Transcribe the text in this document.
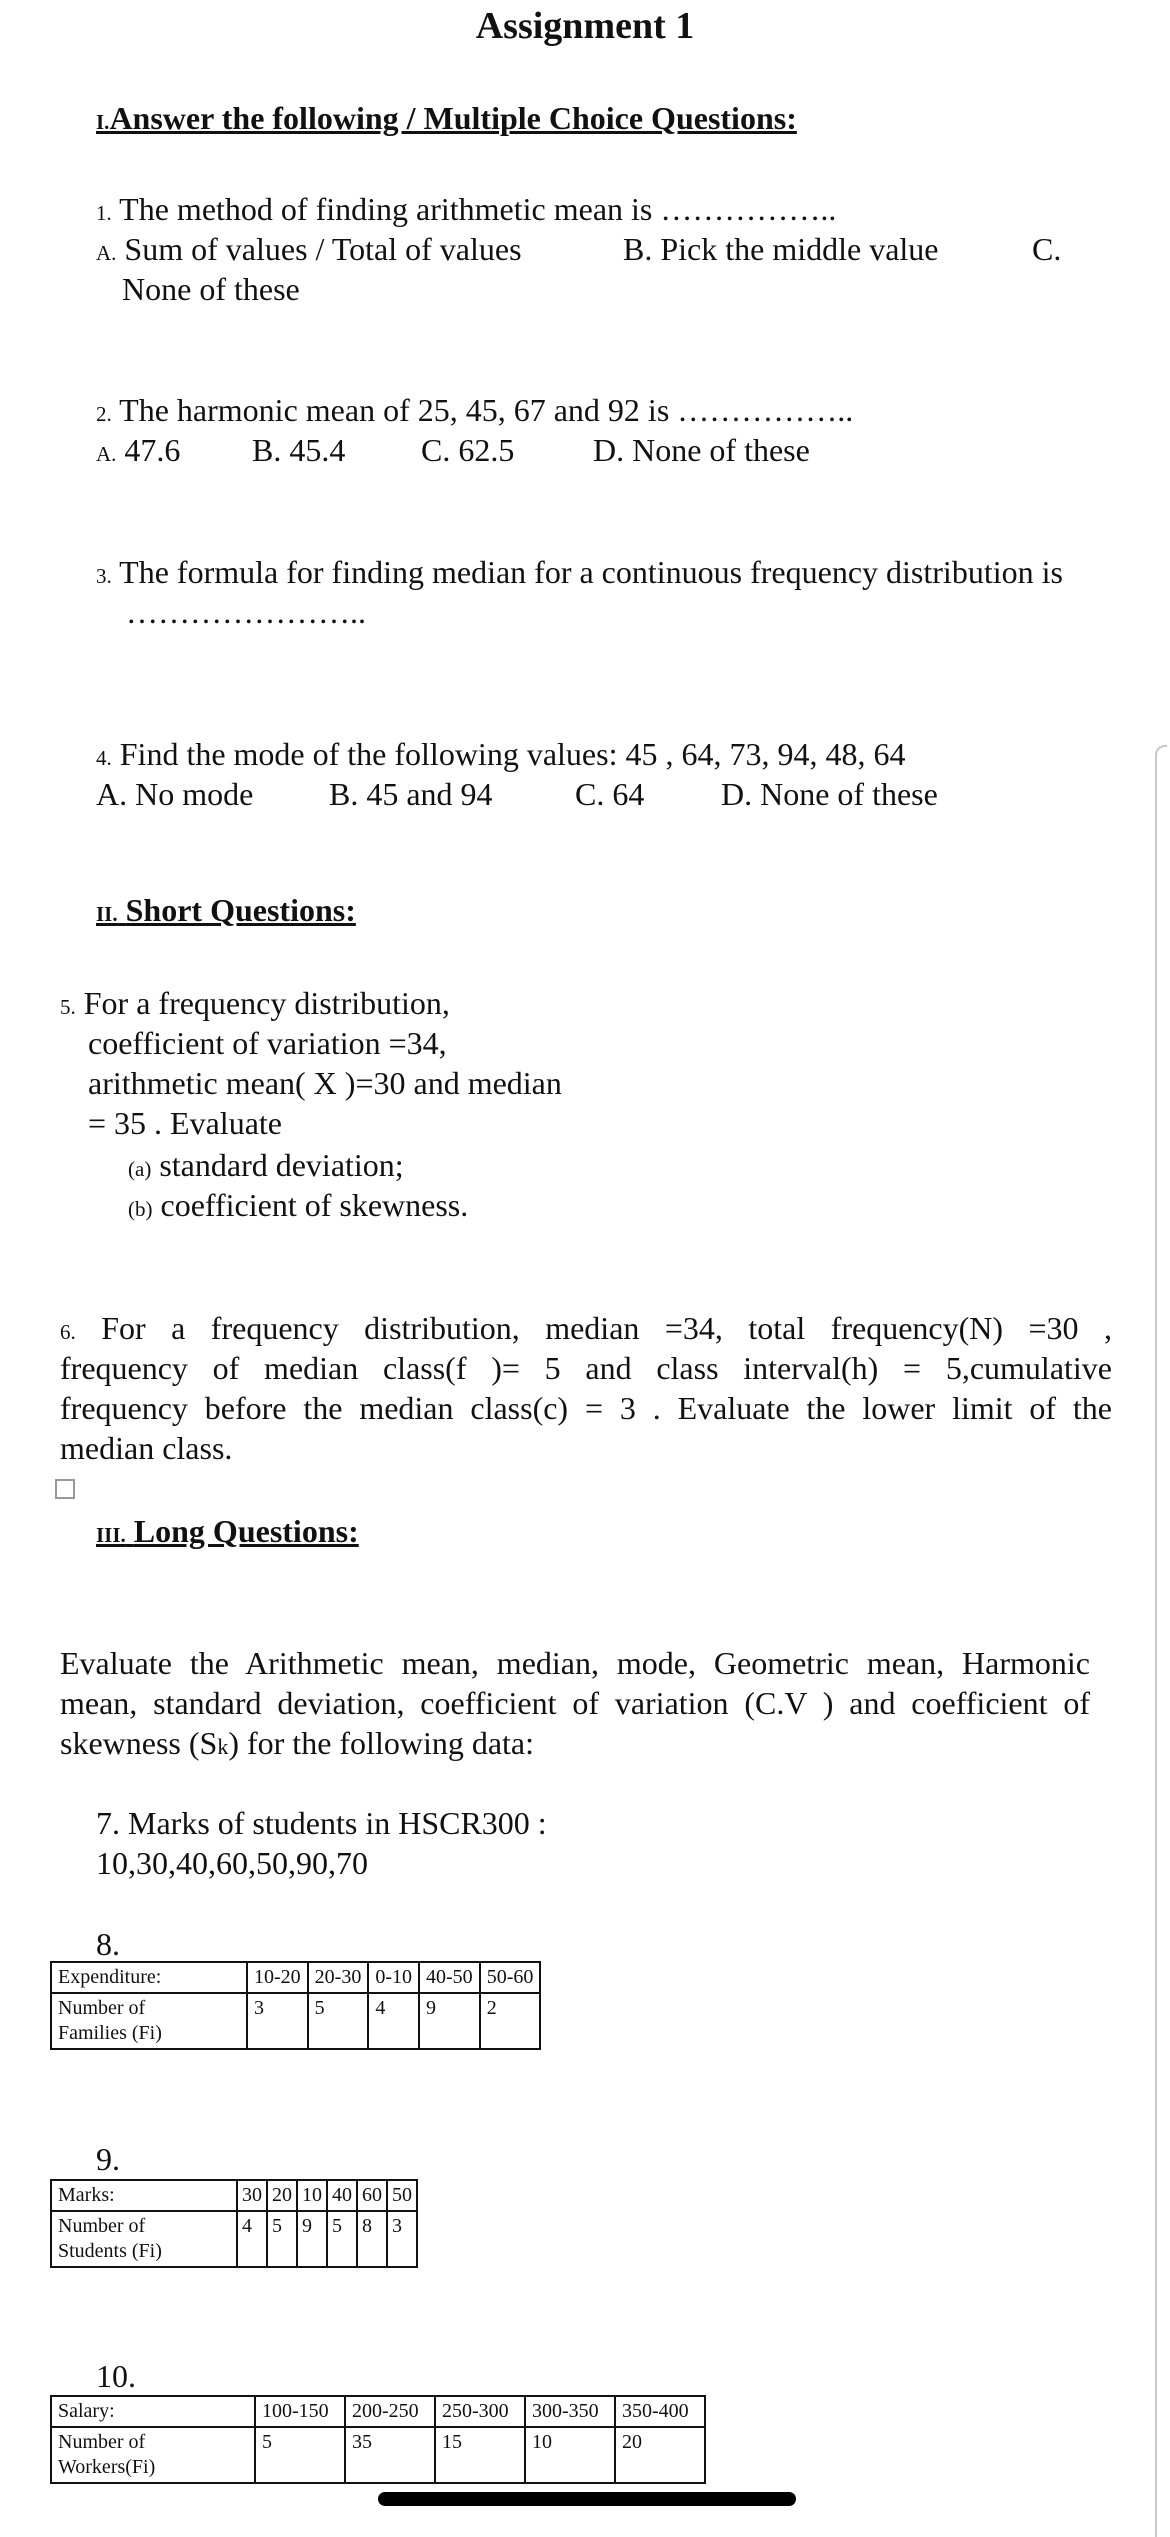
Assignment 1
I.Answer the following / Multiple Choice Questions:
1. The method of finding arithmetic mean is ……………..
A. Sum of values / Total of values	B. Pick the middle value	C.
None of these
2. The harmonic mean of 25, 45, 67 and 92 is ……………..
A. 47.6 B. 45.4 C. 62.5 D. None of these
3. The formula for finding median for a continuous frequency distribution is
…………………..
4. Find the mode of the following values: 45 , 64, 73, 94, 48, 64
A. No mode B. 45 and 94	C. 64 D. None of these
II. Short Questions:
5. For a frequency distribution,
coefficient of variation =34,
arithmetic mean( X )=30 and median
= 35 . Evaluate
(a) standard deviation;
(b) coefficient of skewness.
6. For a frequency distribution, median =34, total frequency(N) =30 ,
frequency of median class(f )= 5 and class interval(h) = 5,cumulative
frequency before the median class(c) = 3 . Evaluate the lower limit of the
median class.
III. Long Questions:
Evaluate the Arithmetic mean, median, mode, Geometric mean, Harmonic
mean, standard deviation, coefficient of variation (C.V ) and coefficient of
skewness (Sk) for the following data:
7. Marks of students in HSCR300 :
10,30,40,60,50,90,70
8.
Expenditure:	10-20	20-30	0-10	40-50	50-60
Number of
Families (Fi)	3	5	4	9	2
9.
Marks:	30	20	10	40	60	50
Number of
Students (Fi)	4	5	9	5	8	3
10.
Salary:	100-150	200-250	250-300	300-350	350-400
Number of
Workers(Fi)	5	35	15	10	20
